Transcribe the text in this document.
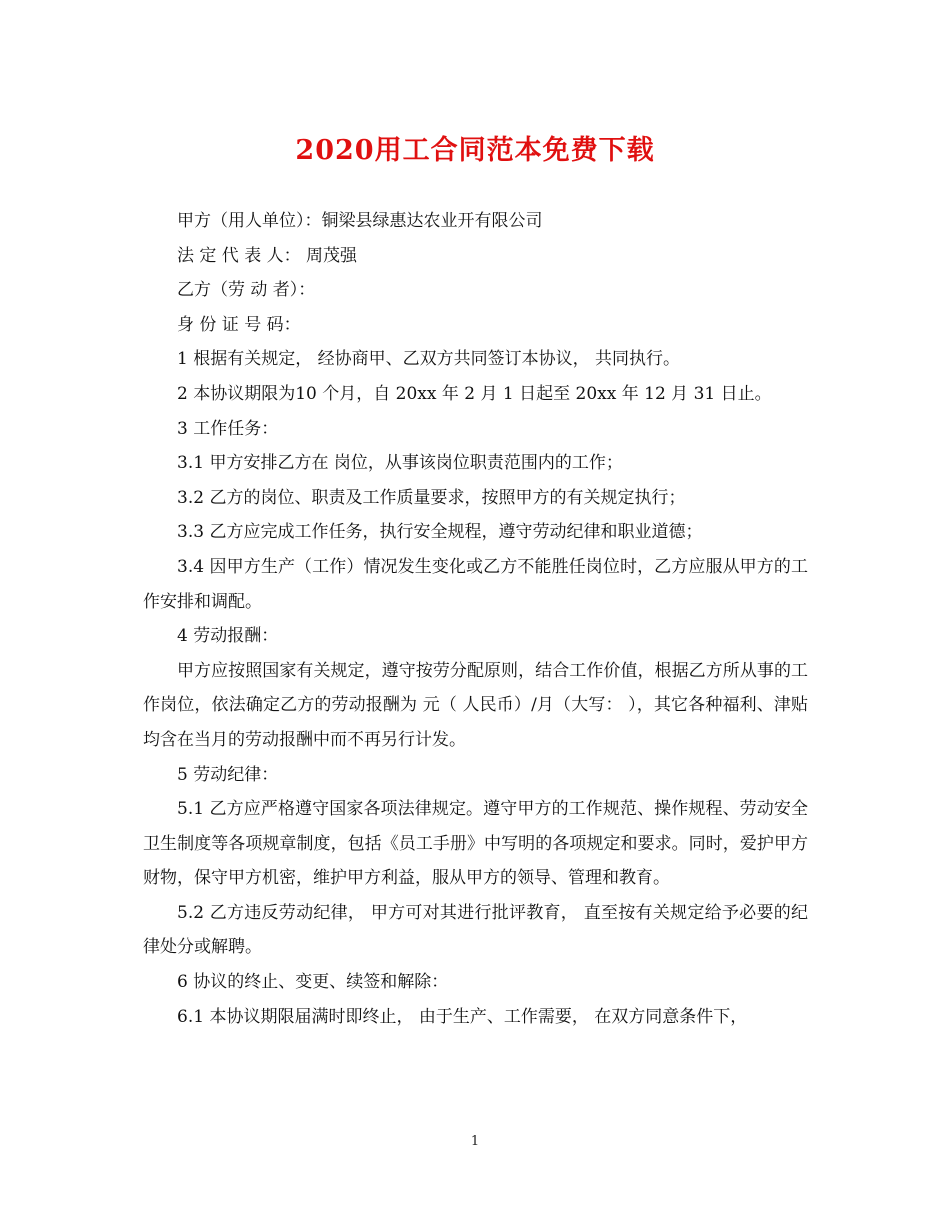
2020用工合同范本免费下载

甲方（用人单位）：铜梁县绿惠达农业开有限公司

法 定 代 表 人： 周茂强

乙方（劳 动 者）：

身 份 证 号 码：

1 根据有关规定， 经协商甲、乙双方共同签订本协议， 共同执行。

2 本协议期限为10 个月，自 20xx 年 2 月 1 日起至 20xx 年 12 月 31 日止。

3 工作任务：

3.1 甲方安排乙方在 岗位，从事该岗位职责范围内的工作；

3.2 乙方的岗位、职责及工作质量要求，按照甲方的有关规定执行；

3.3 乙方应完成工作任务，执行安全规程，遵守劳动纪律和职业道德；

3.4 因甲方生产（工作）情况发生变化或乙方不能胜任岗位时，乙方应服从甲方的工作安排和调配。

4 劳动报酬：

甲方应按照国家有关规定，遵守按劳分配原则，结合工作价值，根据乙方所从事的工作岗位，依法确定乙方的劳动报酬为 元（ 人民币）/月（大写： ），其它各种福利、津贴均含在当月的劳动报酬中而不再另行计发。

5 劳动纪律：

5.1 乙方应严格遵守国家各项法律规定。遵守甲方的工作规范、操作规程、劳动安全卫生制度等各项规章制度，包括《员工手册》中写明的各项规定和要求。同时，爱护甲方财物，保守甲方机密，维护甲方利益，服从甲方的领导、管理和教育。

5.2 乙方违反劳动纪律， 甲方可对其进行批评教育， 直至按有关规定给予必要的纪律处分或解聘。

6 协议的终止、变更、续签和解除：

6.1 本协议期限届满时即终止， 由于生产、工作需要， 在双方同意条件下，

1
